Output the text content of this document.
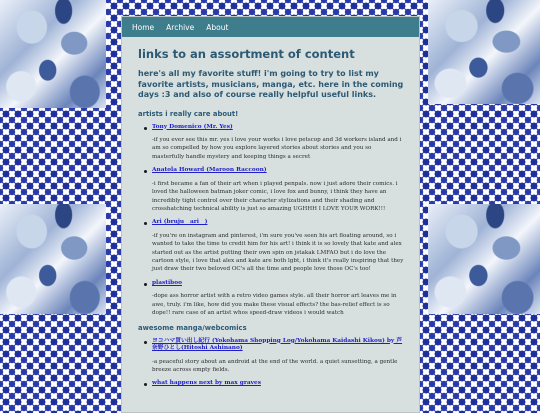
Home Archive About
links to an assortment of content

here's all my favorite stuff! i'm going to try to list my favorite artists, musicians, manga, etc. here in the coming days :3 and also of course really helpful useful links.

artists i really care about!
Tony Domenico (Mr. Yes)

-if you ever see this mr. yes i love your works i love petscop and 3d workers island and i am so compelled by how you explore layered stories about stories and you so masterfully handle mystery and keeping things a secret

Anatola Howard (Maroon Raccoon)

-i first became a fan of their art when i played penpals. now i just adore their comics. i loved the halloween batman joker comic, i love fox and bunny, i think they have an incredibly tight control over their character stylizations and their shading and crosshatching technical ability is just so amazing UGHHH I LOVE YOUR WORK!!!

Ari (bruju__ari__)

-if you're on instagram and pinterest, i'm sure you've seen his art floating around, so i wanted to take the time to credit him for his art! i think it is so lovely that kate and alex started out as the artist putting their own spin on jstakak LMFAO but i do love the cartoon style, i love that alex and kate are both lgbt, i think it's really inspiring that they just draw their two beloved OC's all the time and people love those OC's too!

plastiboo

-dope ass horror artist with a retro video games style. all their horror art leaves me in awe, truly. i'm like, how did you make these visual effects? the bas-relief effect is so dope!! rare case of an artist whos speed-draw videos i would watch

awesome manga/webcomics
ヨコハマ買い出し紀行 (Yokohama Shopping Log/Yokohama Kaidashi Kikou) by 芦奈野ひとし(Hitoshi Ashinano)

-a peaceful story about an android at the end of the world. a quiet sunsetting, a gentle breeze across empty fields.

what happens next by max graves
